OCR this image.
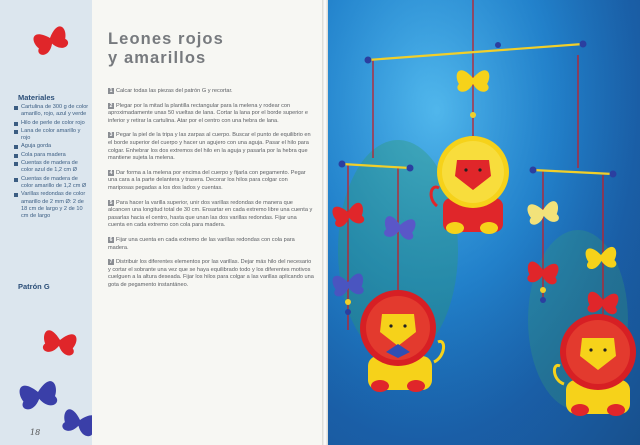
Materiales
Cartulina de 300 g de color amarillo, rojo, azul y verde
Hilo de perle de color rojo
Lana de color amarillo y rojo
Aguja gorda
Cola para madera
Cuentas de madera de color azul de 1,2 cm Ø
Cuentas de madera de color amarillo de 1,2 cm Ø
Varillas redondas de color amarillo de 2 mm Ø: 2 de 18 cm de largo y 2 de 10 cm de largo
Patrón G
18
Leones rojos
y amarillos
1 Calcar todas las piezas del patrón G y recortar.
2 Plegar por la mitad la plantilla rectangular para la melena y rodear con aproximadamente unas 50 vueltas de lana. Cortar la lana por el borde superior e inferior y retirar la cartulina. Atar por el centro con una hebra de lana.
3 Pegar la piel de la tripa y las zarpas al cuerpo. Buscar el punto de equilibrio en el borde superior del cuerpo y hacer un agujero con una aguja. Pasar el hilo para colgar. Enhebrar los dos extremos del hilo en la aguja y pasarla por la hebra que mantiene sujeta la melena.
4 Dar forma a la melena por encima del cuerpo y fijarla con pegamento. Pegar una cara a la parte delantera y trasera. Decorar los hilos para colgar con mariposas pegadas a los dos lados y cuentas.
5 Para hacer la varilla superior, unir dos varillas redondas de manera que alcancen una longitud total de 30 cm. Ensartar en cada extremo libre una cuenta y pasarlas hacia el centro, hasta que unan las dos varillas redondas. Fijar una cuenta en cada extremo con cola para madera.
6 Fijar una cuenta en cada extremo de las varillas redondas con cola para madera.
7 Distribuir los diferentes elementos por las varillas. Dejar más hilo del necesario y cortar el sobrante una vez que se haya equilibrado todo y los diferentes motivos cuelguen a la altura deseada. Fijar los hilos para colgar a las varillas aplicando una gota de pegamento instantáneo.
